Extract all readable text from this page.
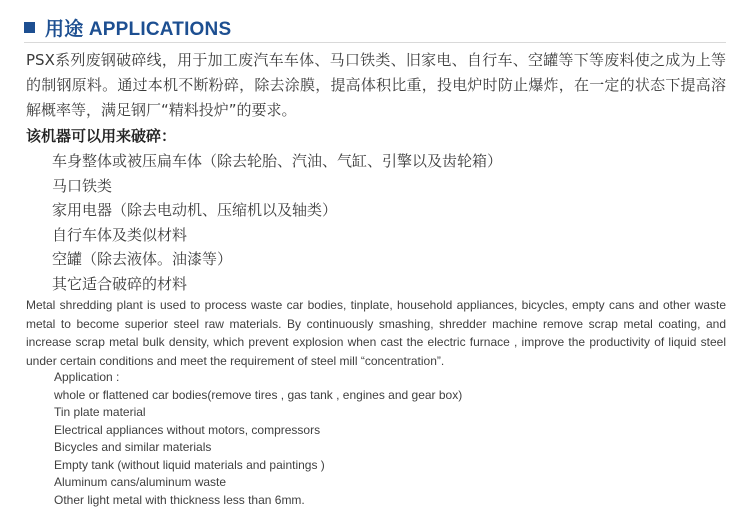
用途 APPLICATIONS

PSX系列废钢破碎线，用于加工废汽车车体、马口铁类、旧家电、自行车、空罐等下等废料使之成为上等的制钢原料。通过本机不断粉碎，除去涂膜，提高体积比重，投电炉时防止爆炸，在一定的状态下提高溶解概率等，满足钢厂“精料投炉”的要求。

该机器可以用来破碎：
车身整体或被压扁车体（除去轮胎、汽油、气缸、引擎以及齿轮箱）
马口铁类
家用电器（除去电动机、压缩机以及轴类）
自行车体及类似材料
空罐（除去液体。油漆等）
其它适合破碎的材料

Metal shredding plant is used to process waste car bodies, tinplate, household appliances, bicycles, empty cans and other waste metal to become superior steel raw materials. By continuously smashing, shredder machine remove scrap metal coating, and increase scrap metal bulk density, which prevent explosion when cast the electric furnace , improve the productivity of liquid steel under certain conditions and meet the requirement of steel mill “concentration”.

Application :
whole or flattened car bodies(remove tires , gas tank , engines and gear box)
Tin plate material
Electrical appliances without motors, compressors
Bicycles and similar materials
Empty tank (without liquid materials and paintings )
Aluminum cans/aluminum waste
Other light metal with thickness less than 6mm.
